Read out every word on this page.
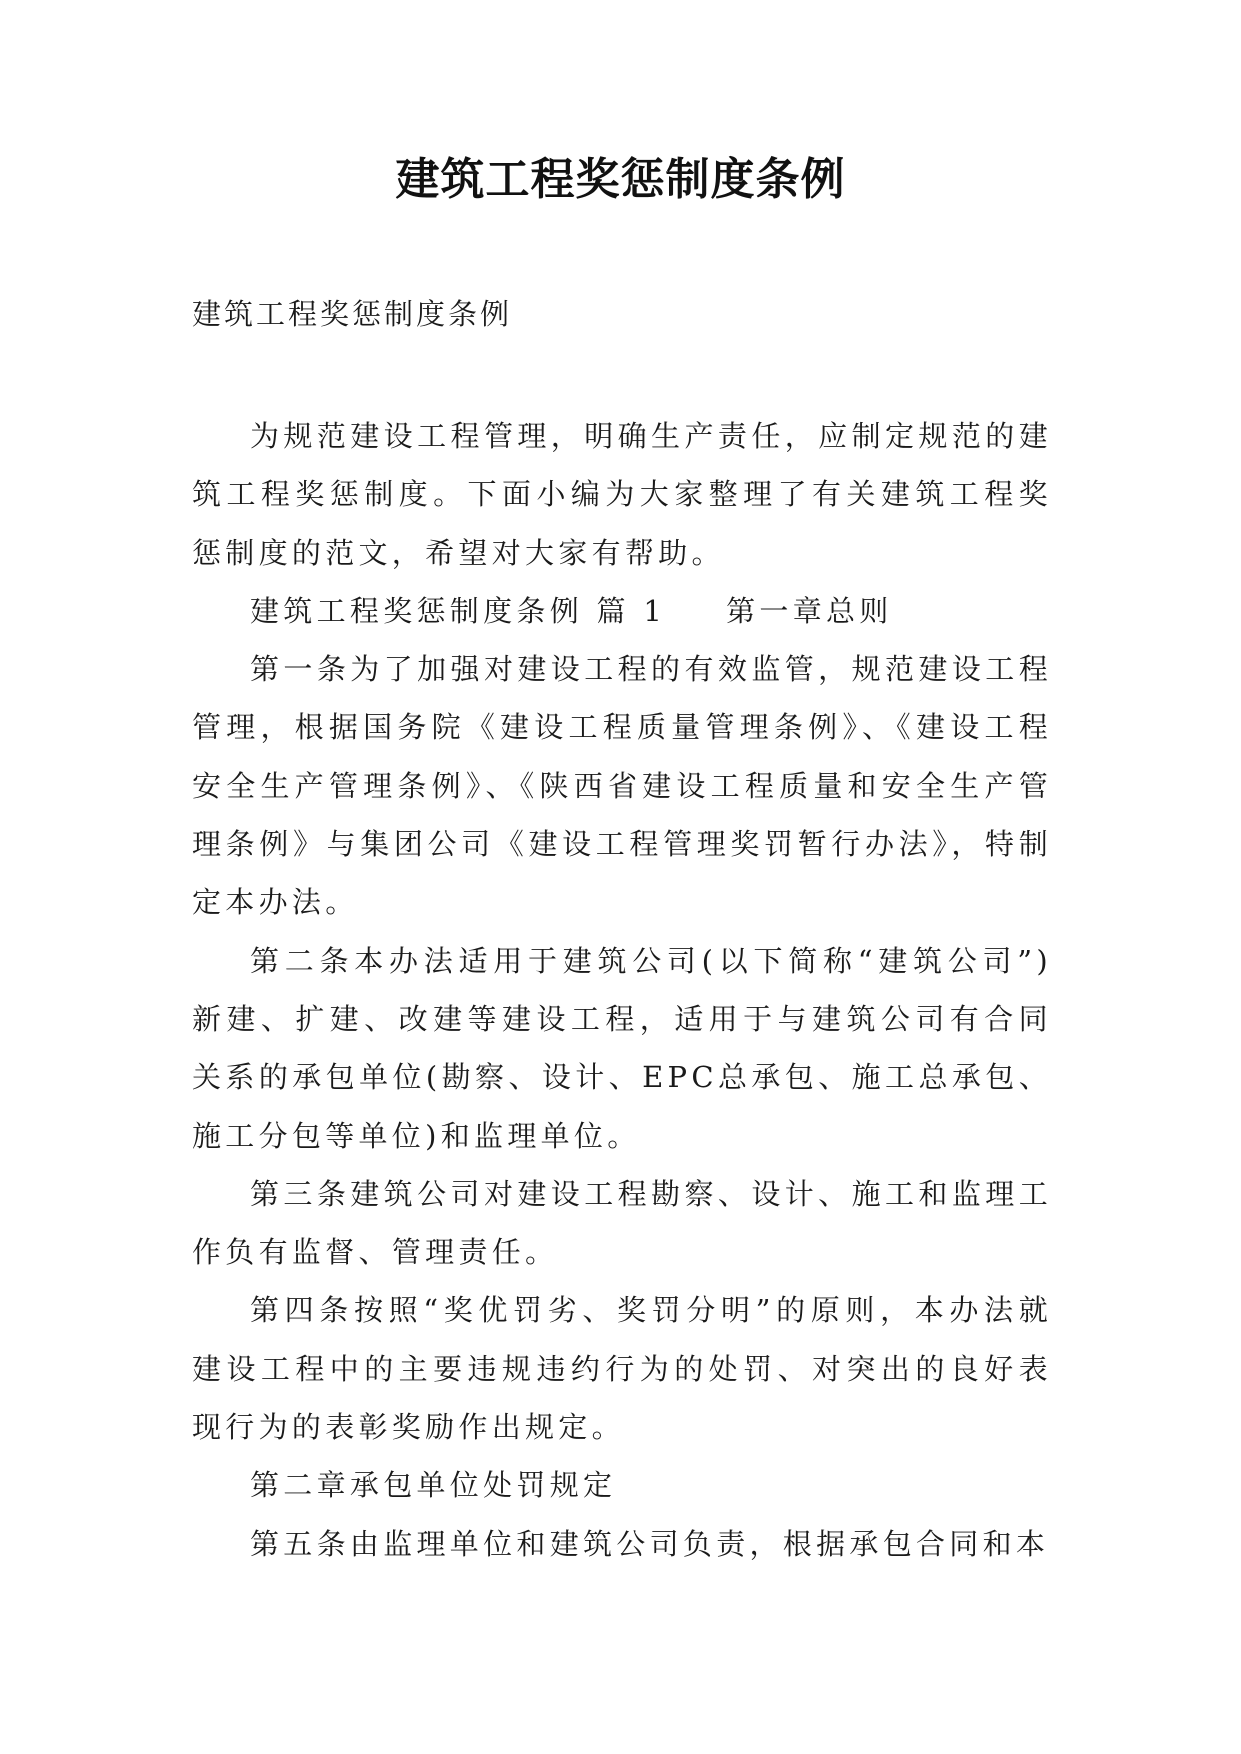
建筑工程奖惩制度条例
建筑工程奖惩制度条例

为规范建设工程管理，明确生产责任，应制定规范的建筑工程奖惩制度。下面小编为大家整理了有关建筑工程奖惩制度的范文，希望对大家有帮助。

建筑工程奖惩制度条例 篇 1 第一章总则

第一条为了加强对建设工程的有效监管，规范建设工程管理，根据国务院《建设工程质量管理条例》、《建设工程安全生产管理条例》、《陕西省建设工程质量和安全生产管理条例》与集团公司《建设工程管理奖罚暂行办法》，特制定本办法。

第二条本办法适用于建筑公司(以下简称“建筑公司”)新建、扩建、改建等建设工程，适用于与建筑公司有合同关系的承包单位(勘察、设计、EPC总承包、施工总承包、施工分包等单位)和监理单位。

第三条建筑公司对建设工程勘察、设计、施工和监理工作负有监督、管理责任。

第四条按照“奖优罚劣、奖罚分明”的原则，本办法就建设工程中的主要违规违约行为的处罚、对突出的良好表现行为的表彰奖励作出规定。

第二章承包单位处罚规定

第五条由监理单位和建筑公司负责，根据承包合同和本
